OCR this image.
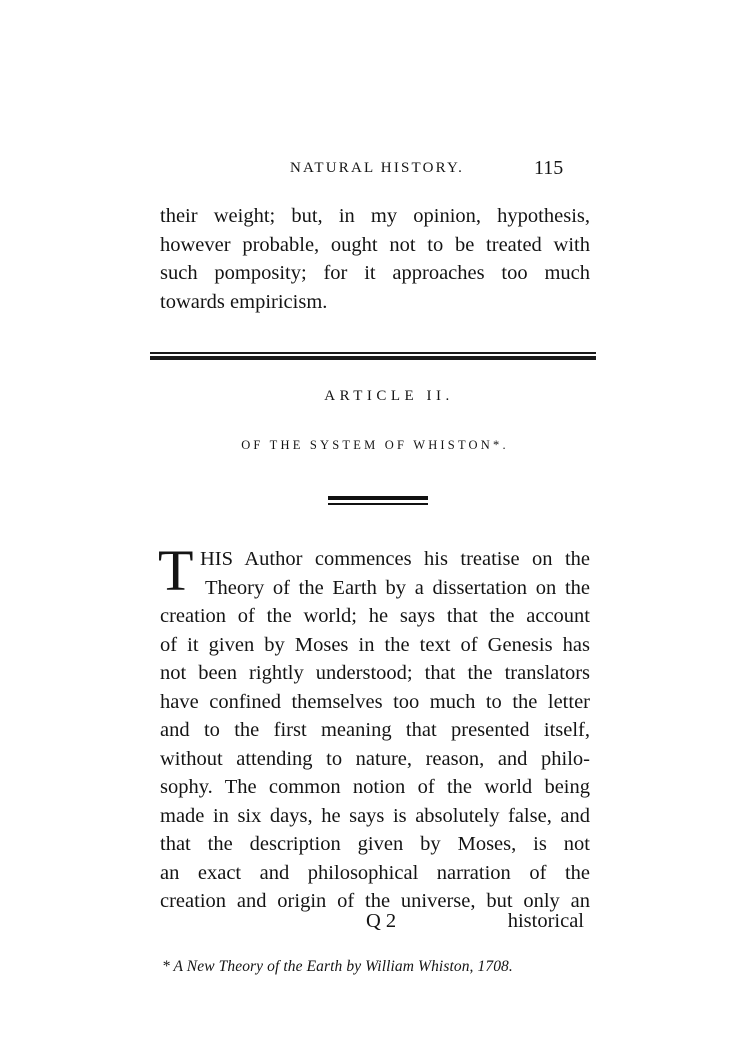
NATURAL HISTORY.	115
their weight; but, in my opinion, hypothesis,
however probable, ought not to be treated with
such pomposity; for it approaches too much
towards empiricism.
ARTICLE II.
OF THE SYSTEM OF WHISTON*.
T HIS Author commences his treatise on the
Theory of the Earth by a dissertation on the
creation of the world; he says that the account
of it given by Moses in the text of Genesis has
not been rightly understood; that the translators
have confined themselves too much to the letter
and to the first meaning that presented itself,
without attending to nature, reason, and philo-
sophy. The common notion of the world being
made in six days, he says is absolutely false, and
that the description given by Moses, is not
an exact and philosophical narration of the
creation and origin of the universe, but only an
Q 2	historical
* A New Theory of the Earth by William Whiston, 1708.
